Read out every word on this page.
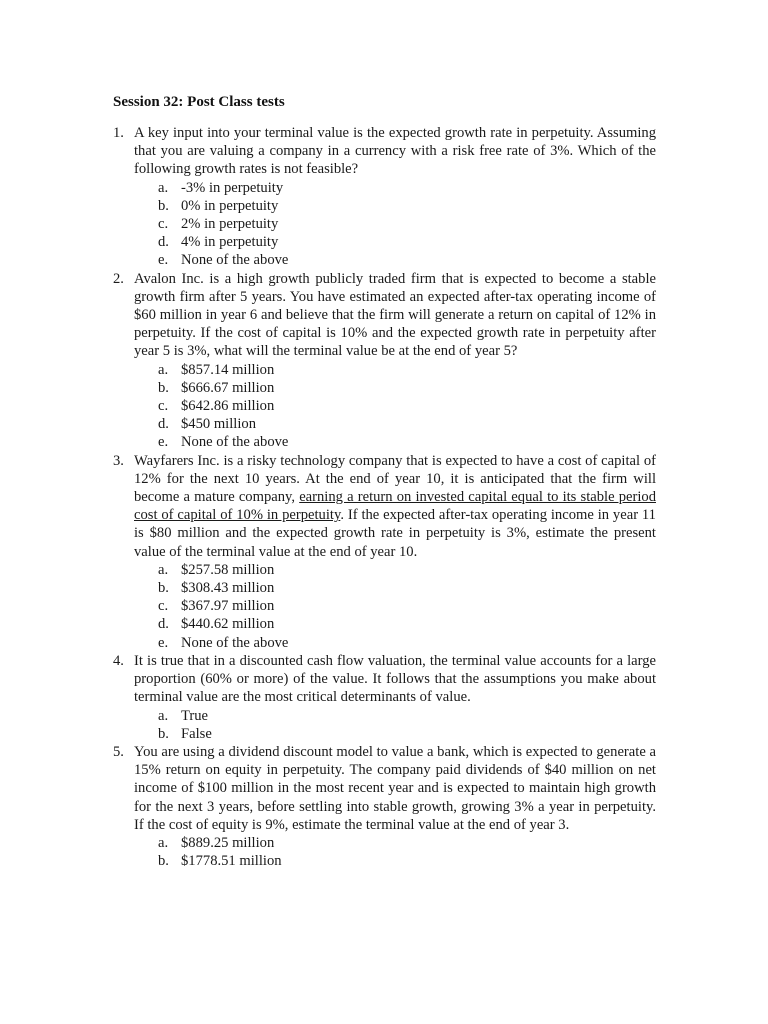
Session 32: Post Class tests
1. A key input into your terminal value is the expected growth rate in perpetuity. Assuming that you are valuing a company in a currency with a risk free rate of 3%. Which of the following growth rates is not feasible?

a. -3% in perpetuity
b. 0% in perpetuity
c. 2% in perpetuity
d. 4% in perpetuity
e. None of the above
2. Avalon Inc. is a high growth publicly traded firm that is expected to become a stable growth firm after 5 years. You have estimated an expected after-tax operating income of $60 million in year 6 and believe that the firm will generate a return on capital of 12% in perpetuity. If the cost of capital is 10% and the expected growth rate in perpetuity after year 5 is 3%, what will the terminal value be at the end of year 5?

a. $857.14 million
b. $666.67 million
c. $642.86 million
d. $450 million
e. None of the above
3. Wayfarers Inc. is a risky technology company that is expected to have a cost of capital of 12% for the next 10 years. At the end of year 10, it is anticipated that the firm will become a mature company, earning a return on invested capital equal to its stable period cost of capital of 10% in perpetuity. If the expected after-tax operating income in year 11 is $80 million and the expected growth rate in perpetuity is 3%, estimate the present value of the terminal value at the end of year 10.

a. $257.58 million
b. $308.43 million
c. $367.97 million
d. $440.62 million
e. None of the above
4. It is true that in a discounted cash flow valuation, the terminal value accounts for a large proportion (60% or more) of the value. It follows that the assumptions you make about terminal value are the most critical determinants of value.

a. True
b. False
5. You are using a dividend discount model to value a bank, which is expected to generate a 15% return on equity in perpetuity. The company paid dividends of $40 million on net income of $100 million in the most recent year and is expected to maintain high growth for the next 3 years, before settling into stable growth, growing 3% a year in perpetuity. If the cost of equity is 9%, estimate the terminal value at the end of year 3.

a. $889.25 million
b. $1778.51 million
